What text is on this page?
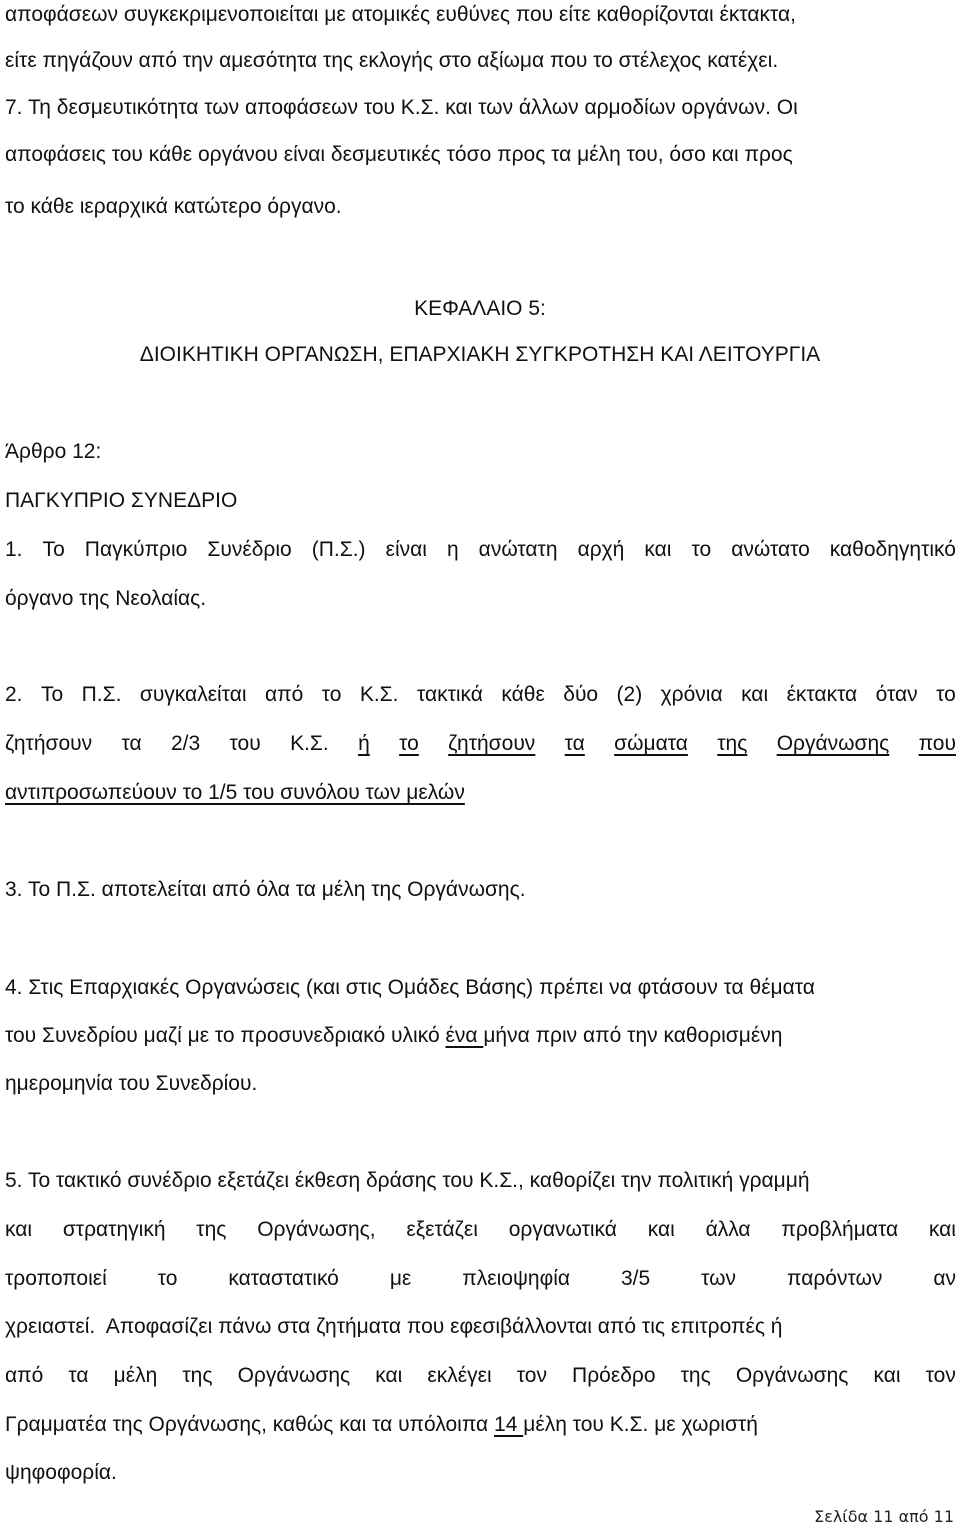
αποφάσεων συγκεκριμενοποιείται με ατομικές ευθύνες που είτε καθορίζονται έκτακτα,
είτε πηγάζουν από την αμεσότητα της εκλογής στο αξίωμα που το στέλεχος κατέχει.
7. Τη δεσμευτικότητα των αποφάσεων του Κ.Σ. και των άλλων αρμοδίων οργάνων. Οι
αποφάσεις του κάθε οργάνου είναι δεσμευτικές τόσο προς τα μέλη του, όσο και προς
το κάθε ιεραρχικά κατώτερο όργανο.
ΚΕΦΑΛΑΙΟ 5:
ΔΙΟΙΚΗΤΙΚΗ ΟΡΓΑΝΩΣΗ, ΕΠΑΡΧΙΑΚΗ ΣΥΓΚΡΟΤΗΣΗ ΚΑΙ ΛΕΙΤΟΥΡΓΙΑ
Άρθρο 12:
ΠΑΓΚΥΠΡΙΟ ΣΥΝΕΔΡΙΟ
1. Το Παγκύπριο Συνέδριο (Π.Σ.) είναι η ανώτατη αρχή και το ανώτατο καθοδηγητικό
όργανο της Νεολαίας.
2. Το Π.Σ. συγκαλείται από το Κ.Σ. τακτικά κάθε δύο (2) χρόνια και έκτακτα όταν το
ζητήσουν τα 2/3 του Κ.Σ. ή το ζητήσουν τα σώματα της Οργάνωσης που
αντιπροσωπεύουν το 1/5 του συνόλου των μελών
3. Το Π.Σ. αποτελείται από όλα τα μέλη της Οργάνωσης.
4. Στις Επαρχιακές Οργανώσεις (και στις Ομάδες Βάσης) πρέπει να φτάσουν τα θέματα
του Συνεδρίου μαζί με το προσυνεδριακό υλικό ένα μήνα πριν από την καθορισμένη
ημερομηνία του Συνεδρίου.
5. Το τακτικό συνέδριο εξετάζει έκθεση δράσης του Κ.Σ., καθορίζει την πολιτική γραμμή
και στρατηγική της Οργάνωσης, εξετάζει οργανωτικά και άλλα προβλήματα και
τροποποιεί το καταστατικό με πλειοψηφία 3/5 των παρόντων αν
χρειαστεί.  Αποφασίζει πάνω στα ζητήματα που εφεσιβάλλονται από τις επιτροπές ή
από τα μέλη της Οργάνωσης και εκλέγει τον Πρόεδρο της Οργάνωσης και τον
Γραμματέα της Οργάνωσης, καθώς και τα υπόλοιπα 14 μέλη του Κ.Σ. με χωριστή
ψηφοφορία.
Σελίδα 11 από 11
